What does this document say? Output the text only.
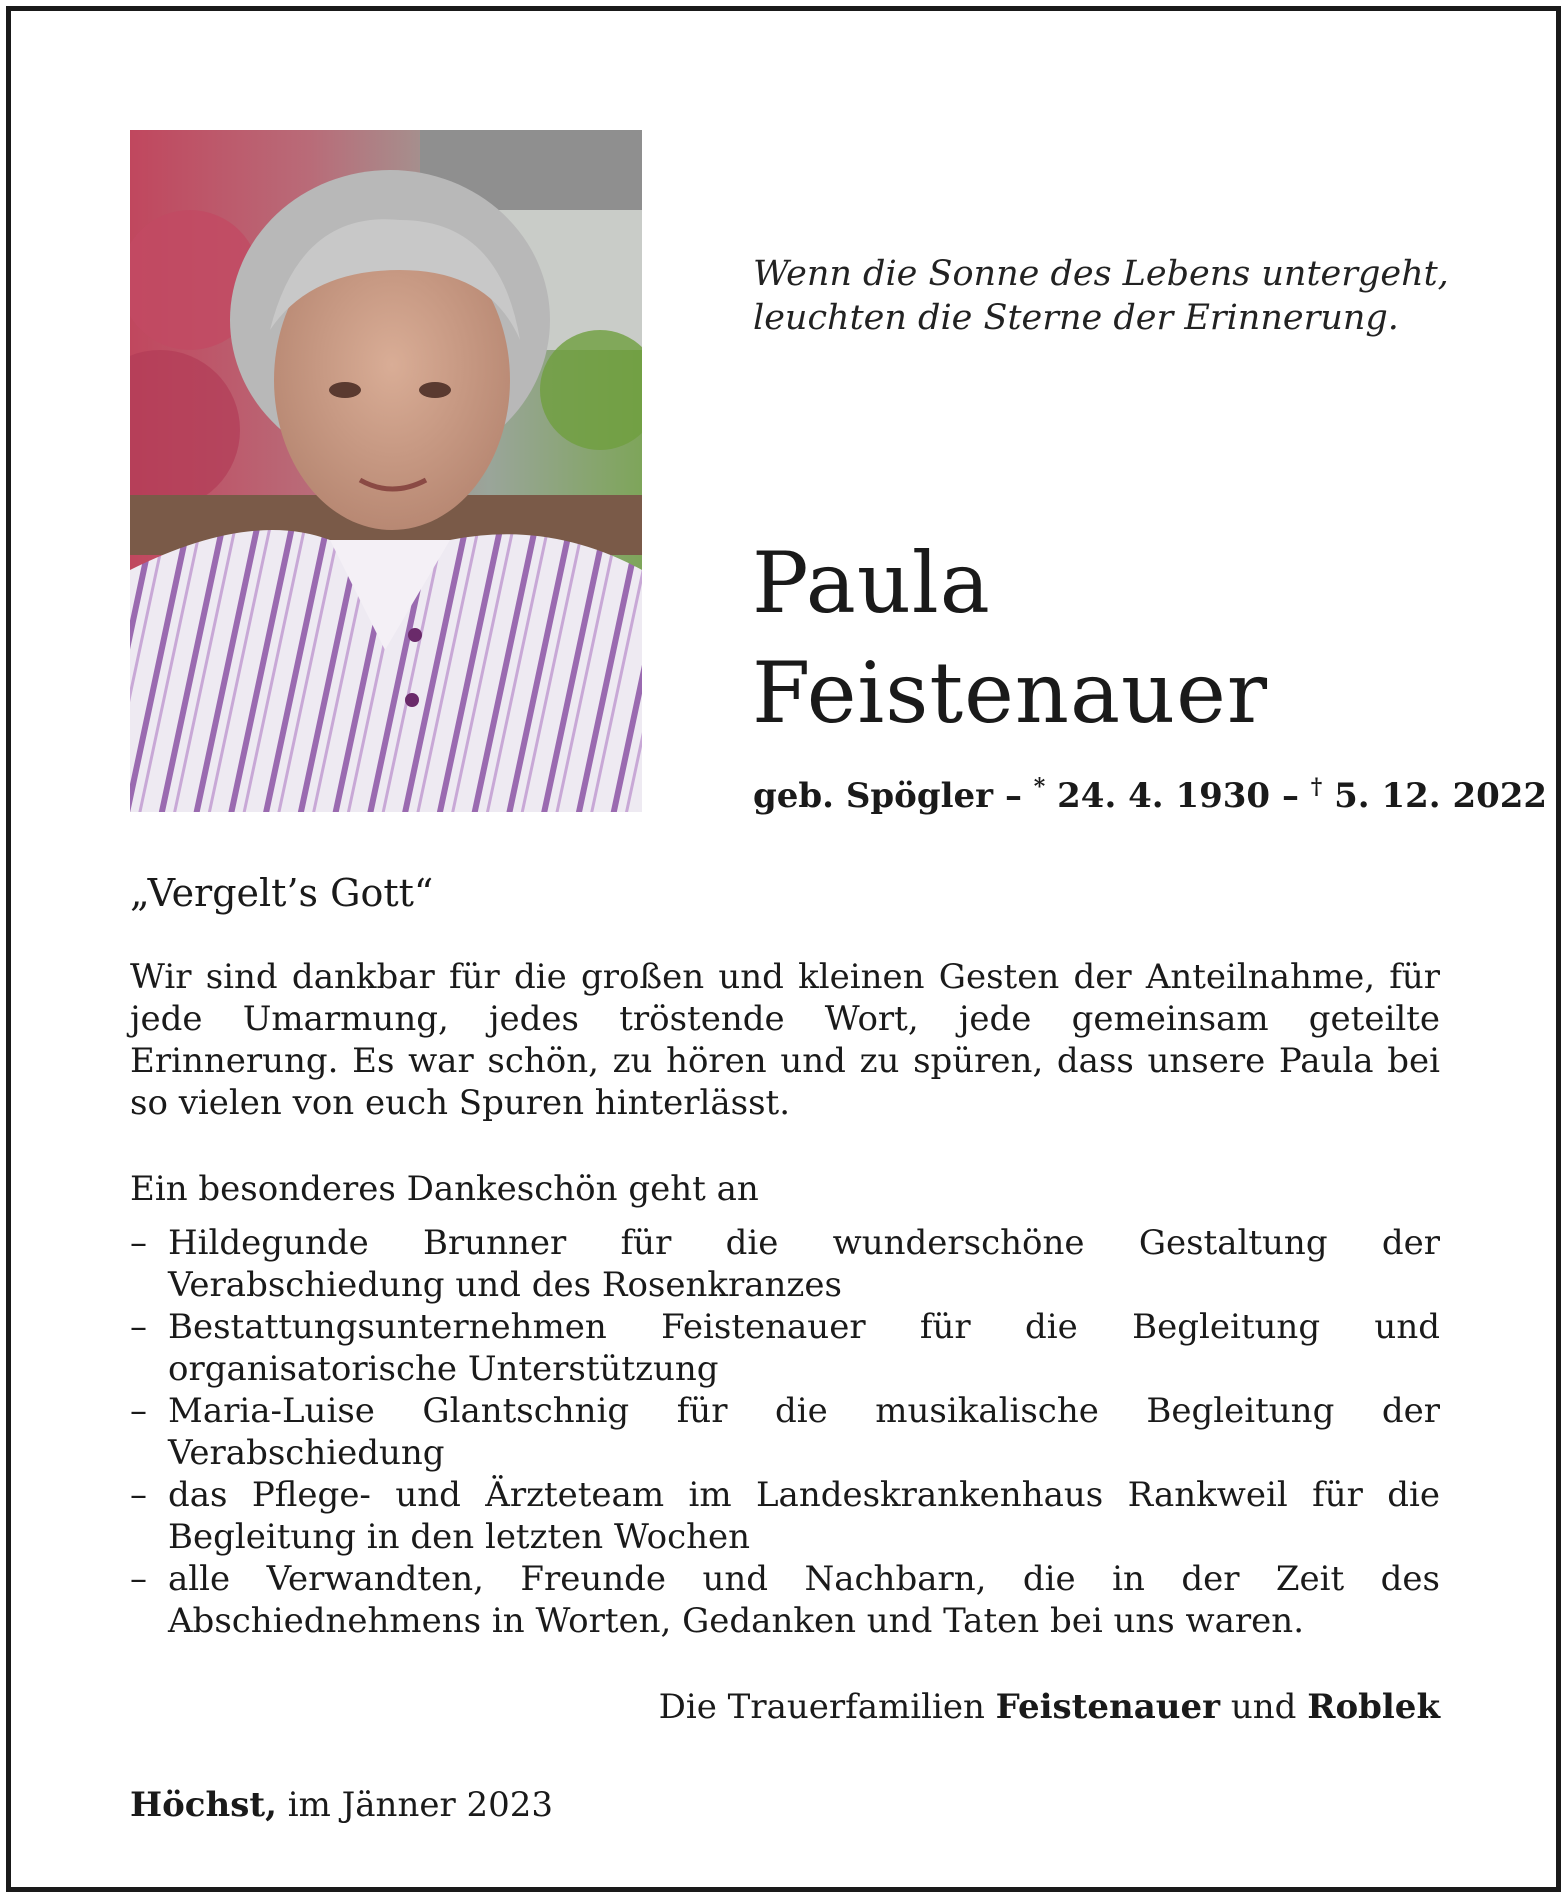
Wenn die Sonne des Lebens untergeht,
leuchten die Sterne der Erinnerung.
Paula
Feistenauer
geb. Spögler – * 24. 4. 1930 – † 5. 12. 2022
„Vergelt’s Gott“
Wir sind dankbar für die großen und kleinen Gesten der Anteilnahme, für jede Umarmung, jedes tröstende Wort, jede gemeinsam geteilte Erinnerung. Es war schön, zu hören und zu spüren, dass unsere Paula bei so vielen von euch Spuren hinterlässt.
Ein besonderes Dankeschön geht an
– Hildegunde Brunner für die wunderschöne Gestaltung der Verabschiedung und des Rosenkranzes
– Bestattungsunternehmen Feistenauer für die Begleitung und organisatorische Unterstützung
– Maria-Luise Glantschnig für die musikalische Begleitung der Verabschiedung
– das Pflege- und Ärzteteam im Landeskrankenhaus Rankweil für die Begleitung in den letzten Wochen
– alle Verwandten, Freunde und Nachbarn, die in der Zeit des Abschiednehmens in Worten, Gedanken und Taten bei uns waren.
Die Trauerfamilien Feistenauer und Roblek
Höchst, im Jänner 2023
